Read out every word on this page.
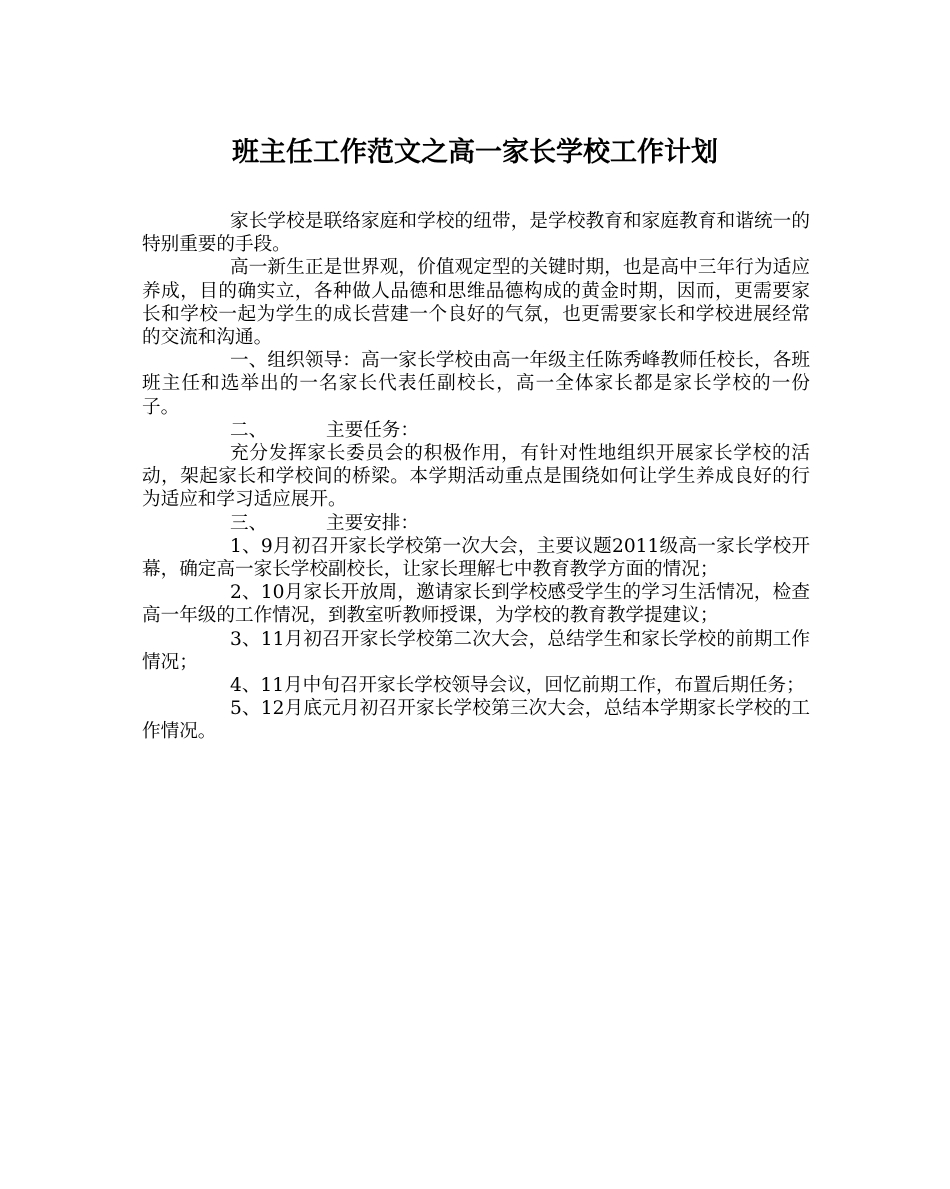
班主任工作范文之高一家长学校工作计划

家长学校是联络家庭和学校的纽带，是学校教育和家庭教育和谐统一的特别重要的手段。

高一新生正是世界观，价值观定型的关键时期，也是高中三年行为适应养成，目的确实立，各种做人品德和思维品德构成的黄金时期，因而，更需要家长和学校一起为学生的成长营建一个良好的气氛，也更需要家长和学校进展经常的交流和沟通。

一、组织领导：高一家长学校由高一年级主任陈秀峰教师任校长，各班班主任和选举出的一名家长代表任副校长，高一全体家长都是家长学校的一份子。

二、	主要任务：

充分发挥家长委员会的积极作用，有针对性地组织开展家长学校的活动，架起家长和学校间的桥梁。本学期活动重点是围绕如何让学生养成良好的行为适应和学习适应展开。

三、	主要安排：

1、9月初召开家长学校第一次大会，主要议题2011级高一家长学校开幕，确定高一家长学校副校长，让家长理解七中教育教学方面的情况；

2、10月家长开放周，邀请家长到学校感受学生的学习生活情况，检查高一年级的工作情况，到教室听教师授课，为学校的教育教学提建议；

3、11月初召开家长学校第二次大会，总结学生和家长学校的前期工作情况；

4、11月中旬召开家长学校领导会议，回忆前期工作，布置后期任务；

5、12月底元月初召开家长学校第三次大会，总结本学期家长学校的工作情况。
